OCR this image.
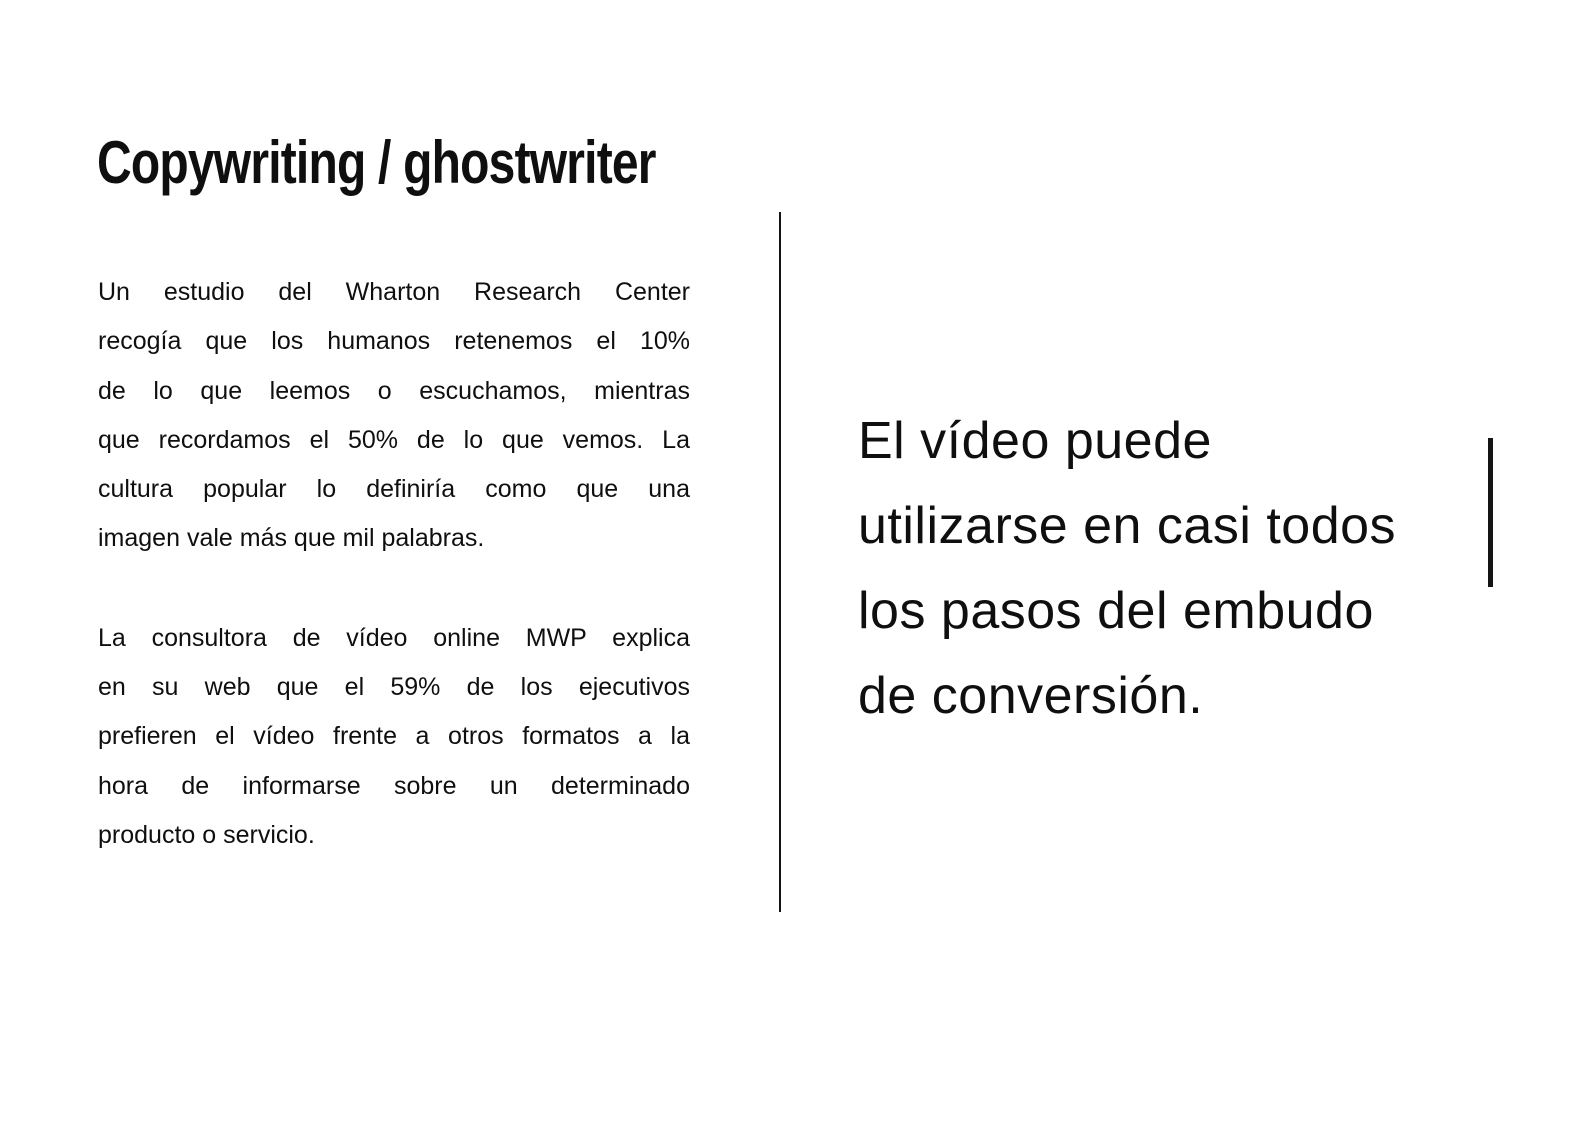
Copywriting / ghostwriter
Un estudio del Wharton Research Center
recogía que los humanos retenemos el 10%
de lo que leemos o escuchamos, mientras
que recordamos el 50% de lo que vemos. La
cultura popular lo definiría como que una
imagen vale más que mil palabras.
La consultora de vídeo online MWP explica
en su web que el 59% de los ejecutivos
prefieren el vídeo frente a otros formatos a la
hora de informarse sobre un determinado
producto o servicio.
El vídeo puede
utilizarse en casi todos
los pasos del embudo
de conversión.
